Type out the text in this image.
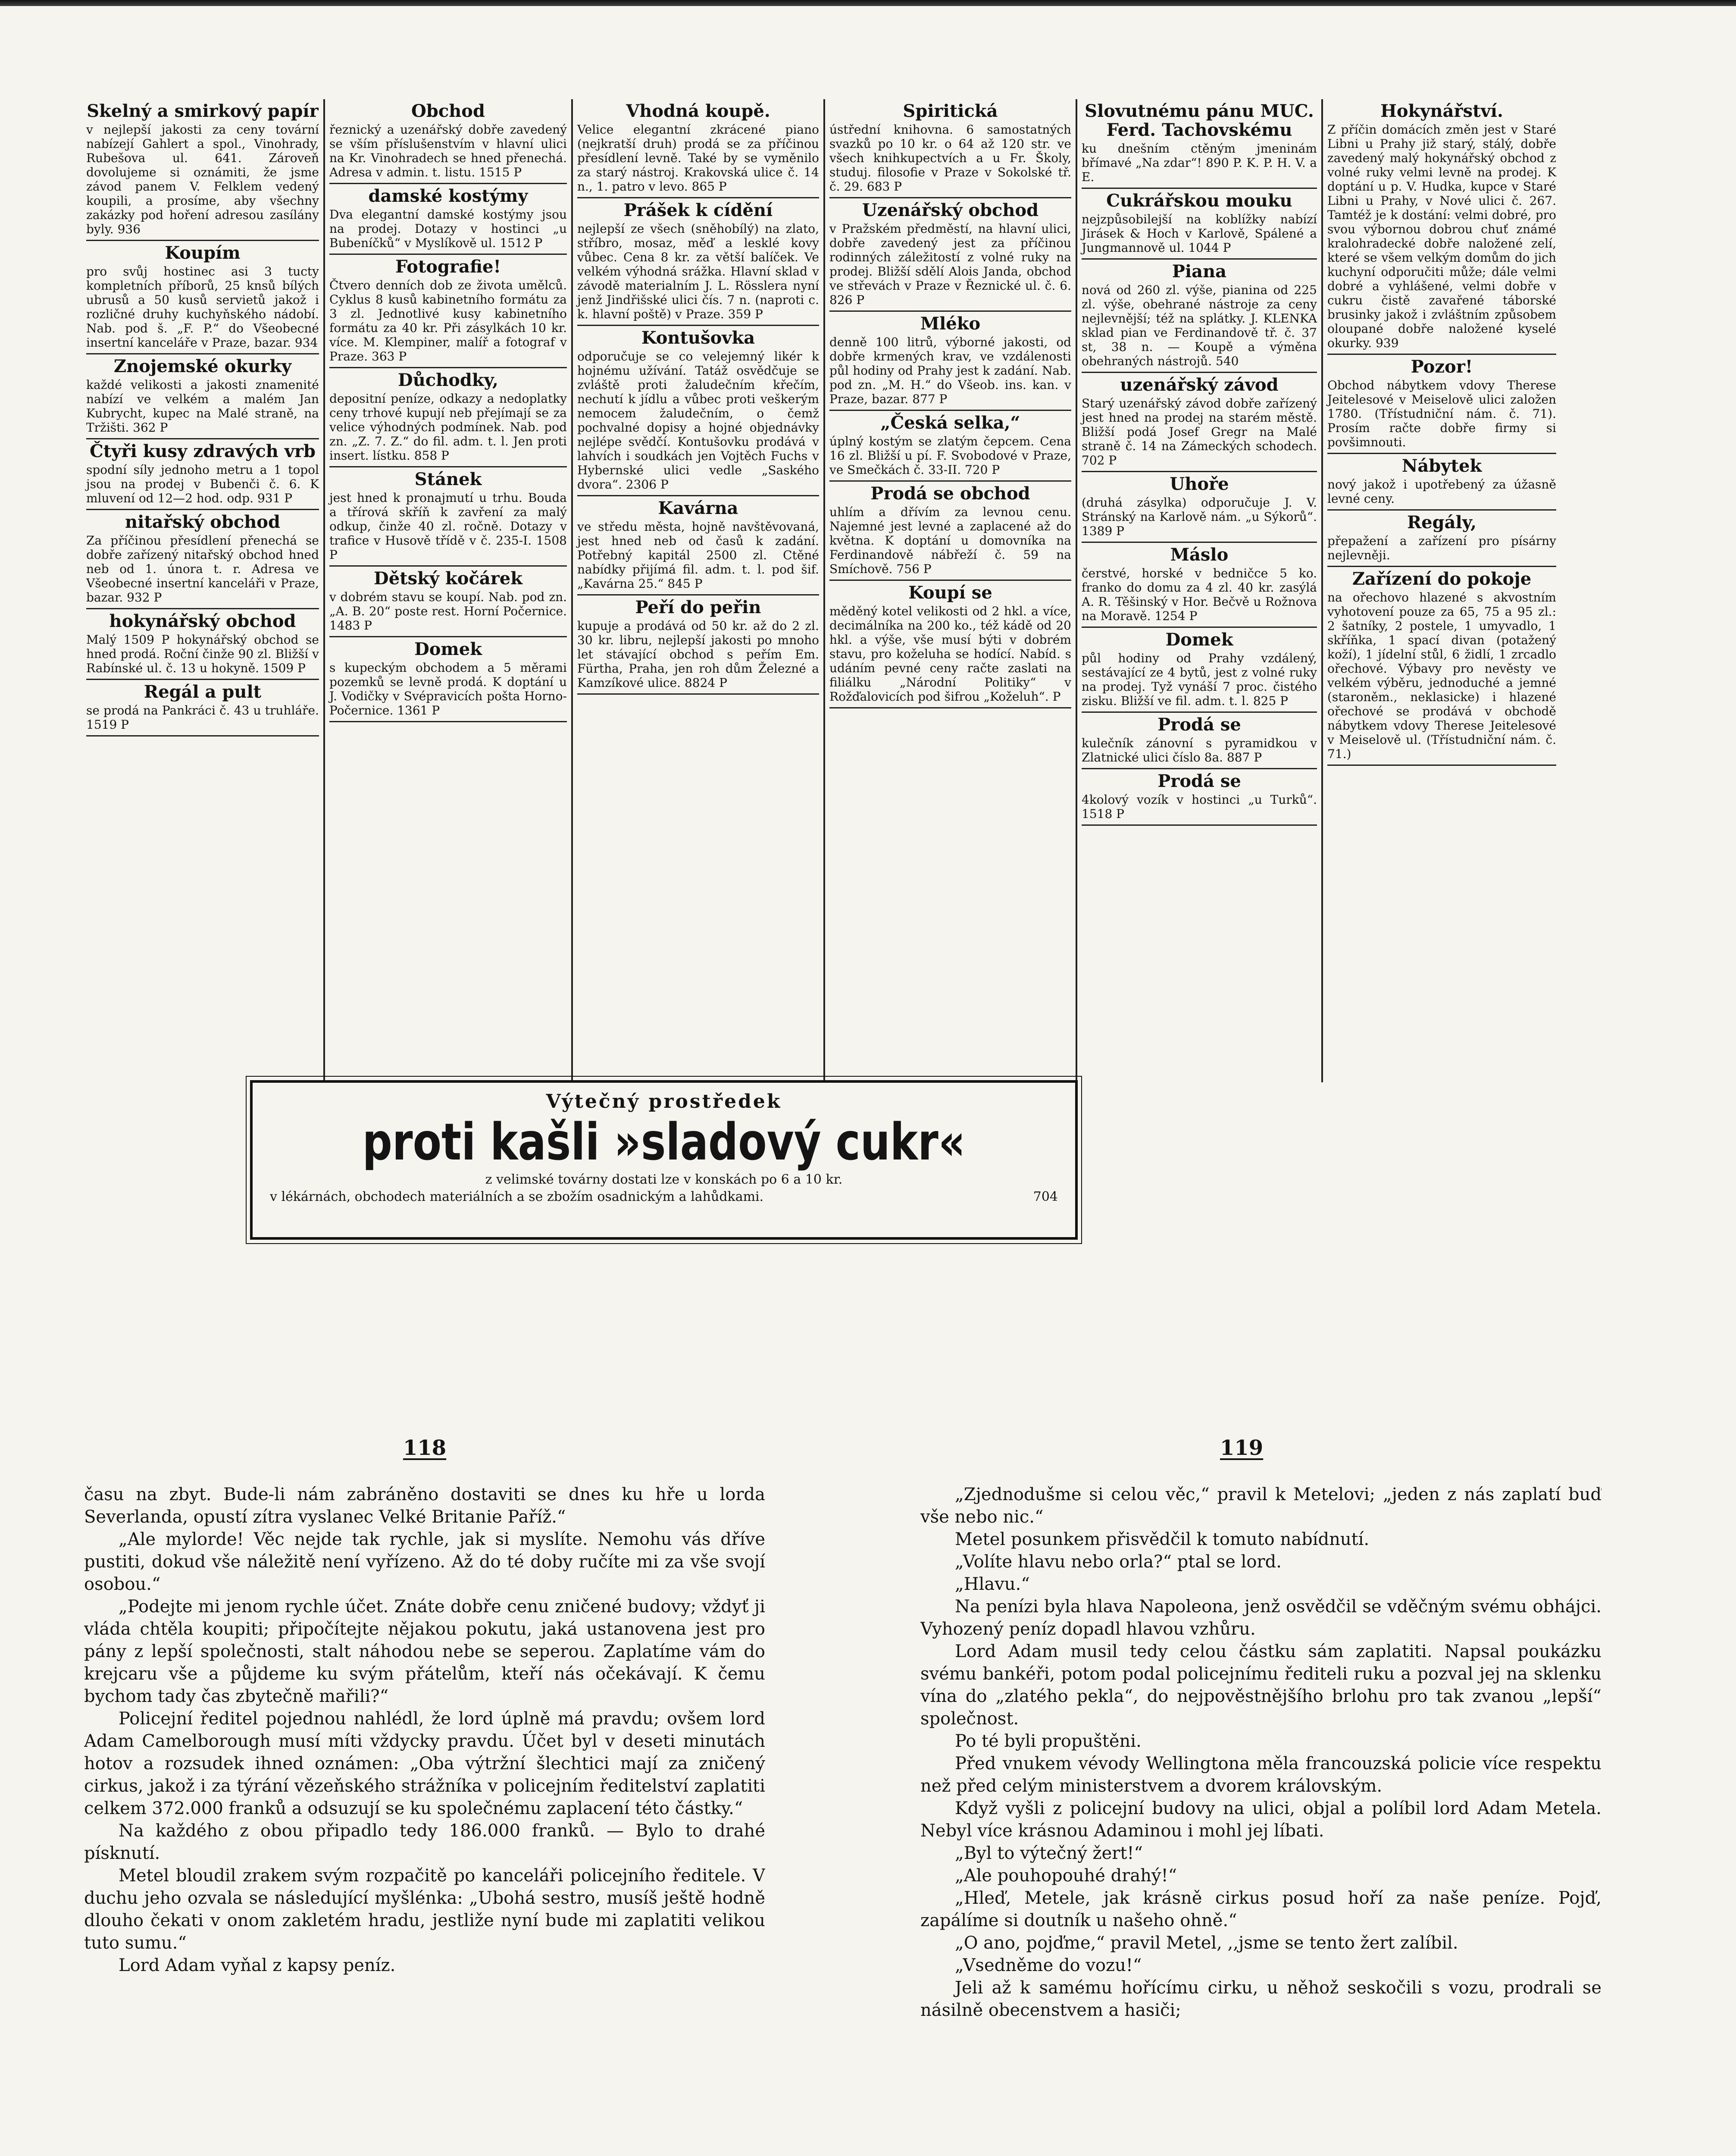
Skelný a smirkový papír
v nejlepší jakosti za ceny tovární nabízejí Gahlert a spol., Vinohrady, Rubešova ul. 641. Zároveň dovolujeme si oznámiti, že jsme závod panem V. Felklem vedený koupili, a prosíme, aby všechny zakázky pod hoření adresou zasílány byly. 936
Koupím
pro svůj hostinec asi 3 tucty kompletních příborů, 25 knsů bílých ubrusů a 50 kusů servietů jakož i rozličné druhy kuchyňského nádobí. Nab. pod š. „F. P.“ do Všeobecné insertní kanceláře v Praze, bazar. 934
Znojemské okurky
každé velikosti a jakosti znamenité nabízí ve velkém a malém Jan Kubrycht, kupec na Malé straně, na Tržišti. 362 P
Čtyři kusy zdravých vrb
spodní síly jednoho metru a 1 topol jsou na prodej v Bubenči č. 6. K mluvení od 12—2 hod. odp. 931 P
nitařský obchod
Za příčinou přesídlení přenechá se dobře zařízený nitařský obchod hned neb od 1. února t. r. Adresa ve Všeobecné insertní kanceláři v Praze, bazar. 932 P
hokynářský obchod
Malý 1509 P hokynářský obchod se hned prodá. Roční činže 90 zl. Bližší v Rabínské ul. č. 13 u hokyně. 1509 P
Regál a pult
se prodá na Pankráci č. 43 u truhláře. 1519 P
Obchod
řeznický a uzenářský dobře zavedený se vším příslušenstvím v hlavní ulici na Kr. Vinohradech se hned přenechá. Adresa v admin. t. listu. 1515 P
damské kostýmy
Dva elegantní damské kostýmy jsou na prodej. Dotazy v hostinci „u Bubeníčků“ v Myslíkově ul. 1512 P
Fotografie!
Čtvero denních dob ze života umělců. Cyklus 8 kusů kabinetního formátu za 3 zl. Jednotlivé kusy kabinetního formátu za 40 kr. Při zásylkách 10 kr. více. M. Klempiner, malíř a fotograf v Praze. 363 P
Důchodky,
depositní peníze, odkazy a nedoplatky ceny trhové kupují neb přejímají se za velice výhodných podmínek. Nab. pod zn. „Z. 7. Z.“ do fil. adm. t. l. Jen proti insert. lístku. 858 P
Stánek
jest hned k pronajmutí u trhu. Bouda a třírová skříň k zavření za malý odkup, činže 40 zl. ročně. Dotazy v trafice v Husově třídě v č. 235-I. 1508 P
Dětský kočárek
v dobrém stavu se koupí. Nab. pod zn. „A. B. 20“ poste rest. Horní Počernice. 1483 P
Domek
s kupeckým obchodem a 5 měrami pozemků se levně prodá. K doptání u J. Vodičky v Svépravicích pošta Horno-Počernice. 1361 P
Vhodná koupě.
Velice elegantní zkrácené piano (nejkratší druh) prodá se za příčinou přesídlení levně. Také by se vyměnilo za starý nástroj. Krakovská ulice č. 14 n., 1. patro v levo. 865 P
Prášek k cídění
nejlepší ze všech (sněhobílý) na zlato, stříbro, mosaz, měď a lesklé kovy vůbec. Cena 8 kr. za větší balíček. Ve velkém výhodná srážka. Hlavní sklad v závodě materialním J. L. Rösslera nyní jenž Jindřišské ulici čís. 7 n. (naproti c. k. hlavní poště) v Praze. 359 P
Kontušovka
odporučuje se co velejemný likér k hojnému užívání. Tatáž osvědčuje se zvláště proti žaludečním křečím, nechutí k jídlu a vůbec proti veškerým nemocem žaludečním, o čemž pochvalné dopisy a hojné objednávky nejlépe svědčí. Kontušovku prodává v lahvích i soudkách jen Vojtěch Fuchs v Hybernské ulici vedle „Saského dvora“. 2306 P
Kavárna
ve středu města, hojně navštěvovaná, jest hned neb od časů k zadání. Potřebný kapitál 2500 zl. Ctěné nabídky přijímá fil. adm. t. l. pod šif. „Kavárna 25.“ 845 P
Peří do peřin
kupuje a prodává od 50 kr. až do 2 zl. 30 kr. libru, nejlepší jakosti po mnoho let stávající obchod s peřím Em. Fürtha, Praha, jen roh dům Železné a Kamzíkové ulice. 8824 P
Spiritická
ústřední knihovna. 6 samostatných svazků po 10 kr. o 64 až 120 str. ve všech knihkupectvích a u Fr. Školy, studuj. filosofie v Praze v Sokolské tř. č. 29. 683 P
Uzenářský obchod
v Pražském předměstí, na hlavní ulici, dobře zavedený jest za příčinou rodinných záležitostí z volné ruky na prodej. Bližší sdělí Alois Janda, obchod ve střevách v Praze v Řeznické ul. č. 6. 826 P
Mléko
denně 100 litrů, výborné jakosti, od dobře krmených krav, ve vzdálenosti půl hodiny od Prahy jest k zadání. Nab. pod zn. „M. H.“ do Všeob. ins. kan. v Praze, bazar. 877 P
„Česká selka,“
úplný kostým se zlatým čepcem. Cena 16 zl. Bližší u pí. F. Svobodové v Praze, ve Smečkách č. 33-II. 720 P
Prodá se obchod
uhlím a dřívím za levnou cenu. Najemné jest levné a zaplacené až do května. K doptání u domovníka na Ferdinandově nábřeží č. 59 na Smíchově. 756 P
Koupí se
měděný kotel velikosti od 2 hkl. a více, decimálníka na 200 ko., též kádě od 20 hkl. a výše, vše musí býti v dobrém stavu, pro koželuha se hodící. Nabíd. s udáním pevné ceny račte zaslati na filiálku „Národní Politiky“ v Rožďalovicích pod šifrou „Koželuh“. P
Slovutnému pánu MUC. Ferd. Tachovskému
ku dnešním ctěným jmeninám břímavé „Na zdar“! 890 P. K. P. H. V. a E.
Cukrářskou mouku
nejzpůsobilejší na koblížky nabízí Jirásek & Hoch v Karlově, Spálené a Jungmannově ul. 1044 P
Piana
nová od 260 zl. výše, pianina od 225 zl. výše, obehrané nástroje za ceny nejlevnější; též na splátky. J. KLENKA sklad pian ve Ferdinandově tř. č. 37 st, 38 n. — Koupě a výměna obehraných nástrojů. 540
uzenářský závod
Starý uzenářský závod dobře zařízený jest hned na prodej na starém městě. Bližší podá Josef Gregr na Malé straně č. 14 na Zámeckých schodech. 702 P
Uhoře
(druhá zásylka) odporučuje J. V. Stránský na Karlově nám. „u Sýkorů“. 1389 P
Máslo
čerstvé, horské v bedničce 5 ko. franko do domu za 4 zl. 40 kr. zasýlá A. R. Těšinský v Hor. Bečvě u Rožnova na Moravě. 1254 P
Domek
půl hodiny od Prahy vzdálený, sestávající ze 4 bytů, jest z volné ruky na prodej. Tyž vynáší 7 proc. čistého zisku. Bližší ve fil. adm. t. l. 825 P
Prodá se
kulečník zánovní s pyramidkou v Zlatnické ulici číslo 8a. 887 P
Prodá se
4kolový vozík v hostinci „u Turků“. 1518 P
Hokynářství.
Z příčin domácích změn jest v Staré Libni u Prahy již starý, stálý, dobře zavedený malý hokynářský obchod z volné ruky velmi levně na prodej. K doptání u p. V. Hudka, kupce v Staré Libni u Prahy, v Nové ulici č. 267. Tamtéž je k dostání: velmi dobré, pro svou výbornou dobrou chuť známé kralohradecké dobře naložené zelí, které se všem velkým domům do jich kuchyní odporučiti může; dále velmi dobré a vyhlášené, velmi dobře v cukru čistě zavařené táborské brusinky jakož i zvláštním způsobem oloupané dobře naložené kyselé okurky. 939
Pozor!
Obchod nábytkem vdovy Therese Jeitelesové v Meiselově ulici založen 1780. (Třístudniční nám. č. 71). Prosím račte dobře firmy si povšimnouti.
Nábytek
nový jakož i upotřebený za úžasně levné ceny.
Regály,
přepažení a zařízení pro písárny nejlevněji.
Zařízení do pokoje
na ořechovo hlazené s akvostním vyhotovení pouze za 65, 75 a 95 zl.: 2 šatníky, 2 postele, 1 umyvadlo, 1 skříňka, 1 spací divan (potažený koží), 1 jídelní stůl, 6 židlí, 1 zrcadlo ořechové. Výbavy pro nevěsty ve velkém výběru, jednoduché a jemné (staroněm., neklasicke) i hlazené ořechové se prodává v obchodě nábytkem vdovy Therese Jeitelesové v Meiselově ul. (Třístudniční nám. č. 71.)
Výtečný prostředek
proti kašli »sladový cukr«
z velimské továrny dostati lze v konskách po 6 a 10 kr.
v lékárnách, obchodech materiálních a se zbožím osadnickým a lahůdkami.	704
118	119

času na zbyt. Bude-li nám zabráněno dostaviti se dnes ku hře u lorda Severlanda, opustí zítra vyslanec Velké Britanie Paříž.“

„Ale mylorde! Věc nejde tak rychle, jak si myslíte. Nemohu vás dříve pustiti, dokud vše náležitě není vyřízeno. Až do té doby ručíte mi za vše svojí osobou.“

„Podejte mi jenom rychle účet. Znáte dobře cenu zničené budovy; vždyť ji vláda chtěla koupiti; připočítejte nějakou pokutu, jaká ustanovena jest pro pány z lepší společnosti, stalt náhodou nebe se seperou. Zaplatíme vám do krejcaru vše a půjdeme ku svým přátelům, kteří nás očekávají. K čemu bychom tady čas zbytečně mařili?“

Policejní ředitel pojednou nahlédl, že lord úplně má pravdu; ovšem lord Adam Camelborough musí míti vždycky pravdu. Účet byl v deseti minutách hotov a rozsudek ihned oznámen: „Oba výtržní šlechtici mají za zničený cirkus, jakož i za týrání vězeňského strážníka v policejním ředitelství zaplatiti celkem 372.000 franků a odsuzují se ku společnému zaplacení této částky.“

Na každého z obou připadlo tedy 186.000 franků. — Bylo to drahé písknutí.

Metel bloudil zrakem svým rozpačitě po kanceláři policejního ředitele. V duchu jeho ozvala se následující myšlénka: „Ubohá sestro, musíš ještě hodně dlouho čekati v onom zakletém hradu, jestliže nyní bude mi zaplatiti velikou tuto sumu.“

Lord Adam vyňal z kapsy peníz.

„Zjednodušme si celou věc,“ pravil k Metelovi; „jeden z nás zaplatí buď vše nebo nic.“

Metel posunkem přisvědčil k tomuto nabídnutí.

„Volíte hlavu nebo orla?“ ptal se lord.

„Hlavu.“

Na penízi byla hlava Napoleona, jenž osvědčil se vděčným svému obhájci. Vyhozený peníz dopadl hlavou vzhůru.

Lord Adam musil tedy celou částku sám zaplatiti. Napsal poukázku svému bankéři, potom podal policejnímu řediteli ruku a pozval jej na sklenku vína do „zlatého pekla“, do nejpověstnějšího brlohu pro tak zvanou „lepší“ společnost.

Po té byli propuštěni.

Před vnukem vévody Wellingtona měla francouzská policie více respektu než před celým ministerstvem a dvorem královským.

Když vyšli z policejní budovy na ulici, objal a políbil lord Adam Metela. Nebyl více krásnou Adaminou i mohl jej líbati.

„Byl to výtečný žert!“

„Ale pouhopouhé drahý!“

„Hleď, Metele, jak krásně cirkus posud hoří za naše peníze. Pojď, zapálíme si doutník u našeho ohně.“

„O ano, pojďme,“ pravil Metel, ,,jsme se tento žert zalíbil.

„Vsedněme do vozu!“

Jeli až k samému hořícímu cirku, u něhož seskočili s vozu, prodrali se násilně obecenstvem a hasiči;
